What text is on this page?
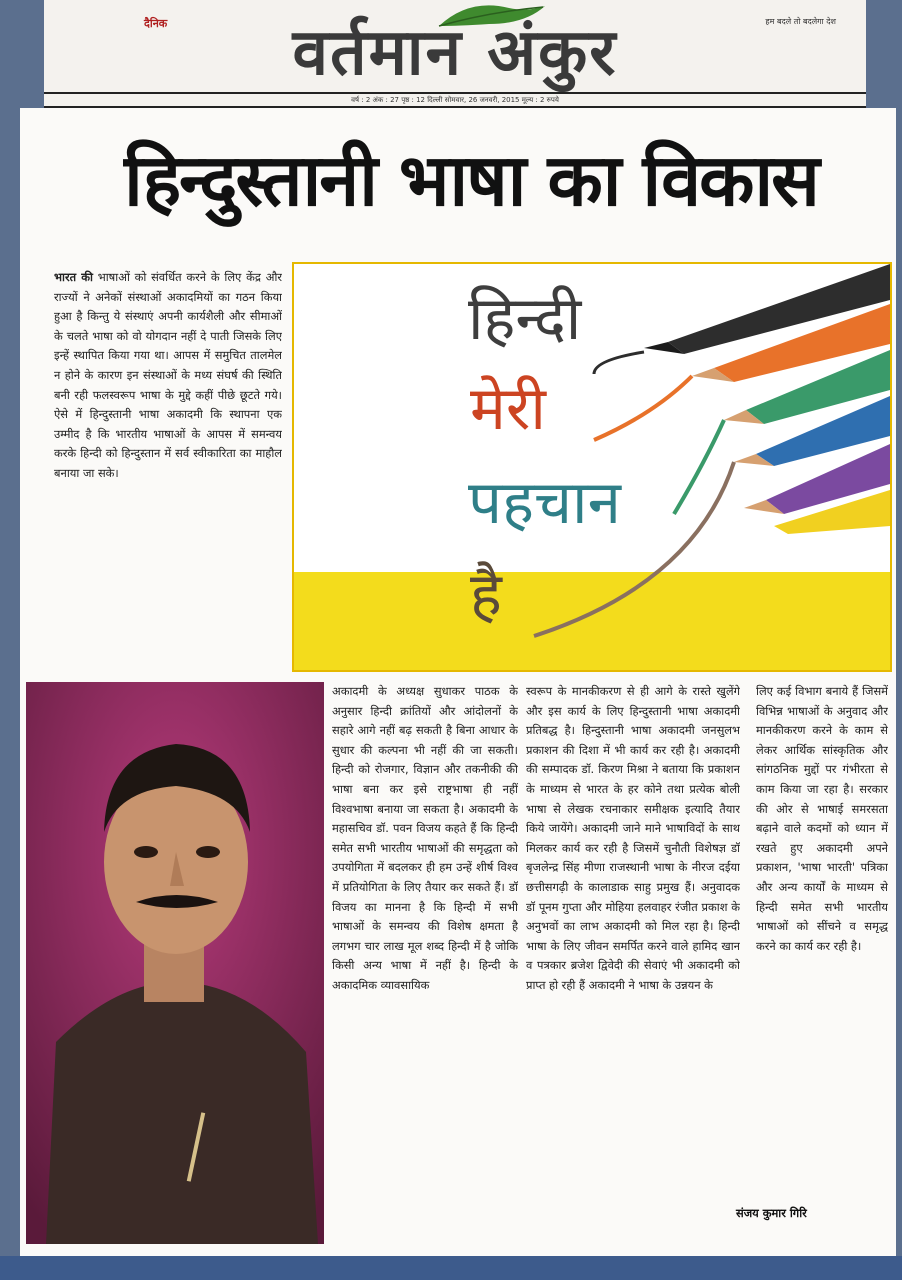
दैनिक	हम बदले तो बदलेगा देश
वर्तमान अंकुर
वर्ष : 2 अंक : 27 पृष्ठ : 12 दिल्ली सोमवार, 26 जनवरी, 2015 मूल्य : 2 रुपये
हिन्दुस्तानी भाषा का विकास
भारत की भाषाओं को संवर्धित करने के लिए केंद्र और राज्यों ने अनेकों संस्थाओं अकादमियों का गठन किया हुआ है किन्तु ये संस्थाएं अपनी कार्यशैली और सीमाओं के चलते भाषा को वो योगदान नहीं दे पाती जिसके लिए इन्हें स्थापित किया गया था। आपस में समुचित तालमेल न होने के कारण इन संस्थाओं के मध्य संघर्ष की स्थिति बनी रही फलस्वरूप भाषा के मुद्दे कहीं पीछे छूटते गये। ऐसे में हिन्दुस्तानी भाषा अकादमी कि स्थापना एक उम्मीद है कि भारतीय भाषाओं के आपस में समन्वय करके हिन्दी को हिन्दुस्तान में सर्व स्वीकारिता का माहौल बनाया जा सके।
हिन्दी
मेरी
पहचान
है
अकादमी के अध्यक्ष सुधाकर पाठक के अनुसार हिन्दी क्रांतियों और आंदोलनों के सहारे आगे नहीं बढ़ सकती है बिना आधार के सुधार की कल्पना भी नहीं की जा सकती। हिन्दी को रोजगार, विज्ञान और तकनीकी की भाषा बना कर इसे राष्ट्रभाषा ही नहीं विश्वभाषा बनाया जा सकता है। अकादमी के महासचिव डॉ. पवन विजय कहते हैं कि हिन्दी समेत सभी भारतीय भाषाओं की समृद्धता को उपयोगिता में बदलकर ही हम उन्हें शीर्ष विश्व में प्रतियोगिता के लिए तैयार कर सकते हैं। डॉ विजय का मानना है कि हिन्दी में सभी भाषाओं के समन्वय की विशेष क्षमता है लगभग चार लाख मूल शब्द हिन्दी में है जोकि किसी अन्य भाषा में नहीं है। हिन्दी के अकादमिक व्यावसायिक
स्वरूप के मानकीकरण से ही आगे के रास्ते खुलेंगे और इस कार्य के लिए हिन्दुस्तानी भाषा अकादमी प्रतिबद्ध है। हिन्दुस्तानी भाषा अकादमी जनसुलभ प्रकाशन की दिशा में भी कार्य कर रही है। अकादमी की सम्पादक डॉ. किरण मिश्रा ने बताया कि प्रकाशन के माध्यम से भारत के हर कोने तथा प्रत्येक बोली भाषा से लेखक रचनाकार समीक्षक इत्यादि तैयार किये जायेंगे। अकादमी जाने माने भाषाविदों के साथ मिलकर कार्य कर रही है जिसमें चुनौती विशेषज्ञ डॉ बृजलेन्द्र सिंह मीणा राजस्थानी भाषा के नीरज दईया छत्तीसगढ़ी के कालाडाक साहु प्रमुख हैं। अनुवादक डॉ पूनम गुप्ता और मोहिया हलवाहर रंजीत प्रकाश के अनुभवों का लाभ अकादमी को मिल रहा है। हिन्दी भाषा के लिए जीवन समर्पित करने वाले हामिद खान व पत्रकार ब्रजेश द्विवेदी की सेवाएं भी अकादमी को प्राप्त हो रही हैं अकादमी ने भाषा के उन्नयन के
लिए कई विभाग बनाये हैं जिसमें विभिन्न भाषाओं के अनुवाद और मानकीकरण करने के काम से लेकर आर्थिक सांस्कृतिक और सांगठनिक मुद्दों पर गंभीरता से काम किया जा रहा है। सरकार की ओर से भाषाई समरसता बढ़ाने वाले कदमों को ध्यान में रखते हुए अकादमी अपने प्रकाशन, 'भाषा भारती' पत्रिका और अन्य कार्यों के माध्यम से हिन्दी समेत सभी भारतीय भाषाओं को सींचने व समृद्ध करने का कार्य कर रही है।
संजय कुमार गिरि
